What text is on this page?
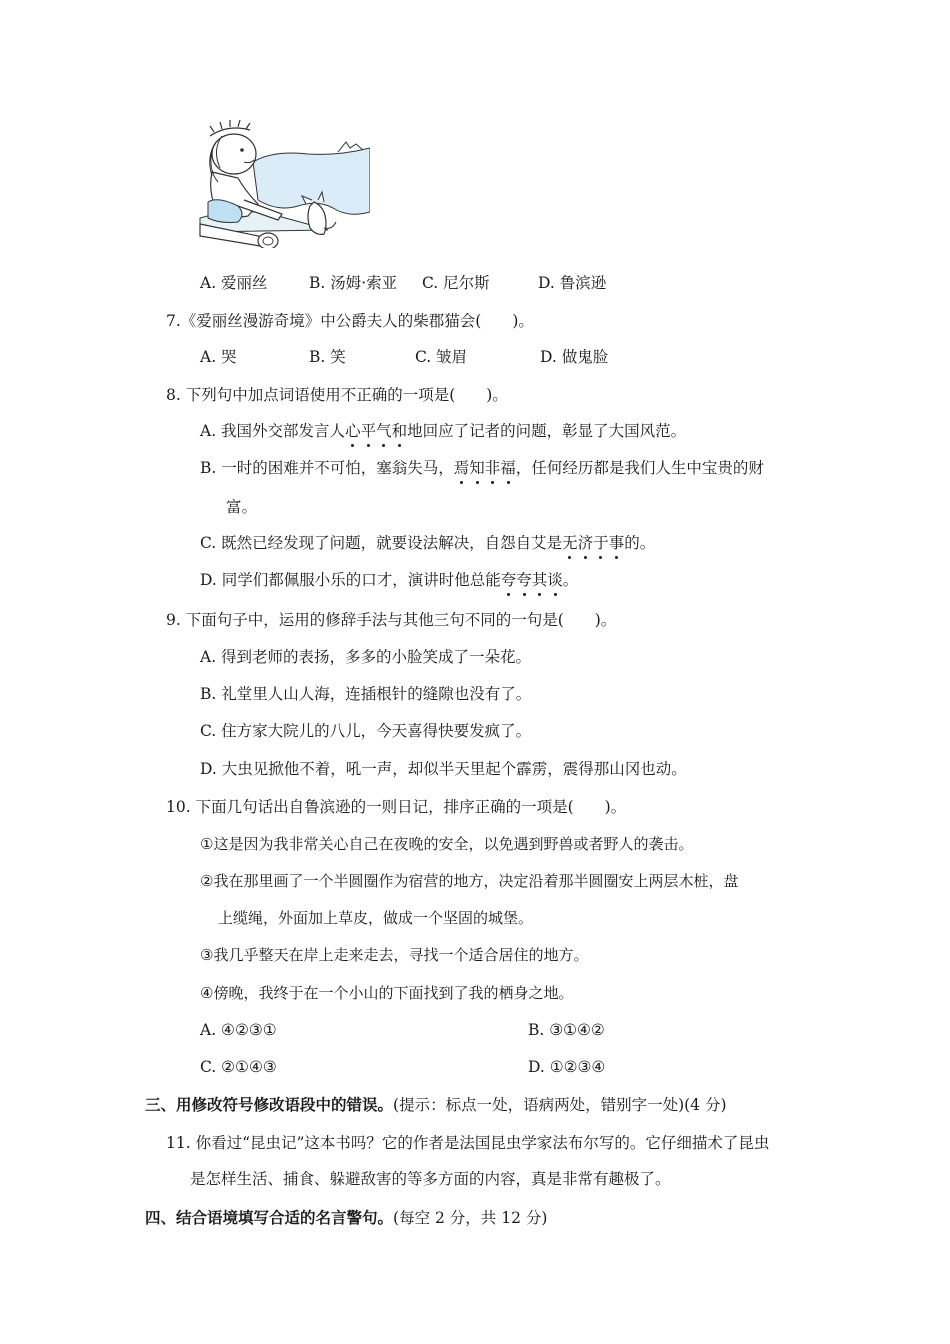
A. 爱丽丝	B. 汤姆·索亚 C. 尼尔斯	D. 鲁滨逊
7.《爱丽丝漫游奇境》中公爵夫人的柴郡猫会(　　)。
A. 哭	B. 笑	C. 皱眉	D. 做鬼脸
8. 下列句中加点词语使用不正确的一项是(　　)。
A. 我国外交部发言人心平气和地回应了记者的问题，彰显了大国风范。
B. 一时的困难并不可怕，塞翁失马，焉知非福，任何经历都是我们人生中宝贵的财
富。
C. 既然已经发现了问题，就要设法解决，自怨自艾是无济于事的。
D. 同学们都佩服小乐的口才，演讲时他总能夸夸其谈。
9. 下面句子中，运用的修辞手法与其他三句不同的一句是(　　)。
A. 得到老师的表扬，多多的小脸笑成了一朵花。
B. 礼堂里人山人海，连插根针的缝隙也没有了。
C. 住方家大院儿的八儿，今天喜得快要发疯了。
D. 大虫见掀他不着，吼一声，却似半天里起个霹雳，震得那山冈也动。
10. 下面几句话出自鲁滨逊的一则日记，排序正确的一项是(　　)。
①这是因为我非常关心自己在夜晚的安全，以免遇到野兽或者野人的袭击。
②我在那里画了一个半圆圈作为宿营的地方，决定沿着那半圆圈安上两层木桩，盘
上缆绳，外面加上草皮，做成一个坚固的城堡。
③我几乎整天在岸上走来走去，寻找一个适合居住的地方。
④傍晚，我终于在一个小山的下面找到了我的栖身之地。
A. ④②③①	B. ③①④②
C. ②①④③	D. ①②③④
三、用修改符号修改语段中的错误。(提示：标点一处，语病两处，错别字一处)(4 分)
11. 你看过“昆虫记”这本书吗？它的作者是法国昆虫学家法布尔写的。它仔细描术了昆虫
是怎样生活、捕食、躲避敌害的等多方面的内容，真是非常有趣极了。
四、结合语境填写合适的名言警句。(每空 2 分，共 12 分)
